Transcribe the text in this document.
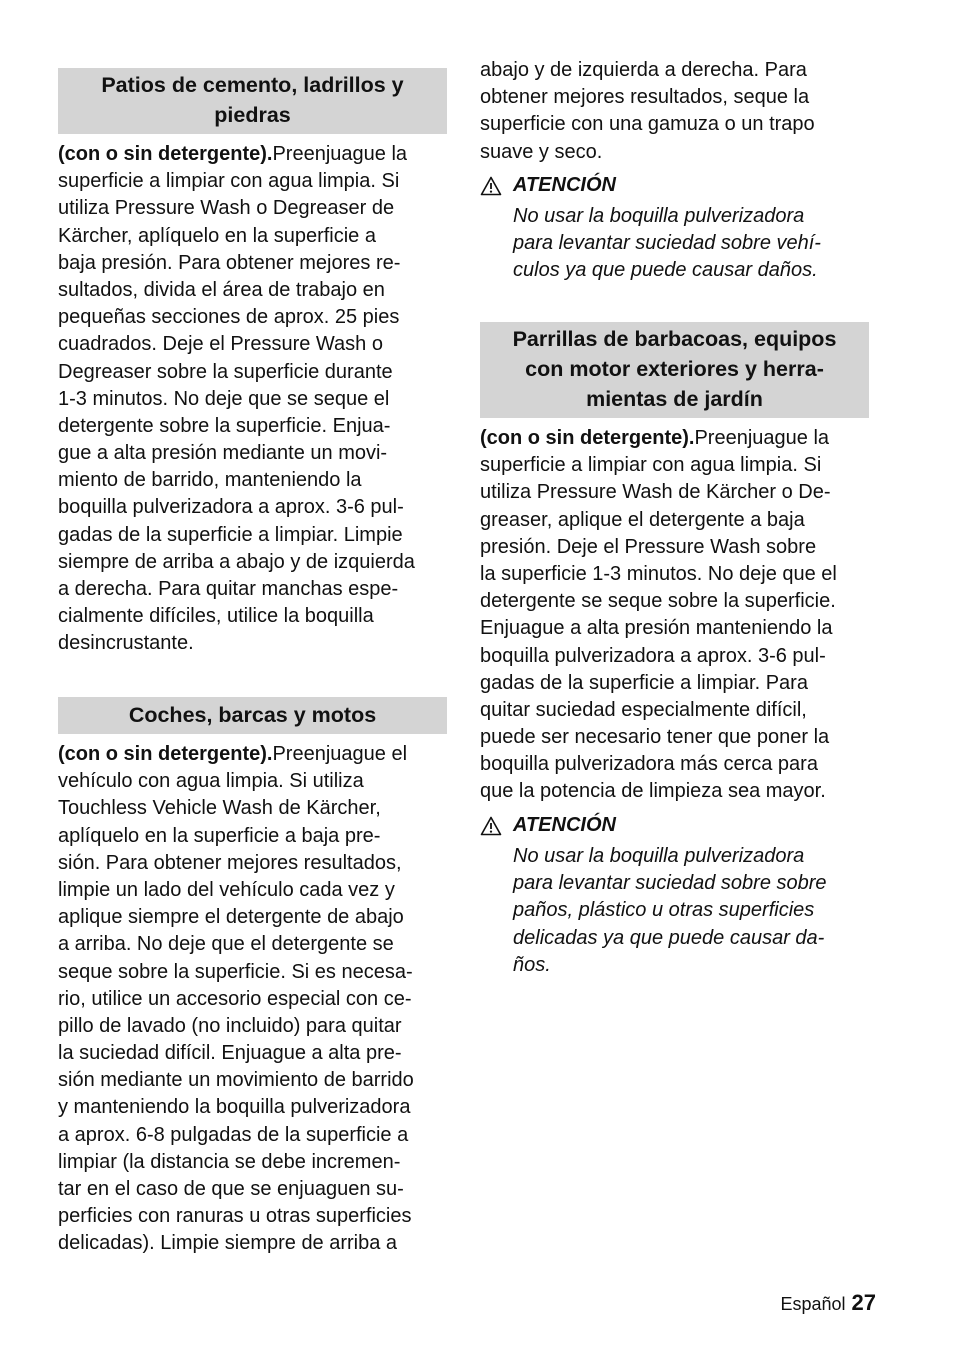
Patios de cemento, ladrillos y
piedras
(con o sin detergente).Preenjuague la
superficie a limpiar con agua limpia. Si
utiliza Pressure Wash o Degreaser de
Kärcher, aplíquelo en la superficie a
baja presión. Para obtener mejores re-
sultados, divida el área de trabajo en
pequeñas secciones de aprox. 25 pies
cuadrados. Deje el Pressure Wash o
Degreaser sobre la superficie durante
1-3 minutos. No deje que se seque el
detergente sobre la superficie. Enjua-
gue a alta presión mediante un movi-
miento de barrido, manteniendo la
boquilla pulverizadora a aprox. 3-6 pul-
gadas de la superficie a limpiar. Limpie
siempre de arriba a abajo y de izquierda
a derecha. Para quitar manchas espe-
cialmente difíciles, utilice la boquilla
desincrustante.
Coches, barcas y motos
(con o sin detergente).Preenjuague el
vehículo con agua limpia. Si utiliza
Touchless Vehicle Wash de Kärcher,
aplíquelo en la superficie a baja pre-
sión. Para obtener mejores resultados,
limpie un lado del vehículo cada vez y
aplique siempre el detergente de abajo
a arriba. No deje que el detergente se
seque sobre la superficie. Si es necesa-
rio, utilice un accesorio especial con ce-
pillo de lavado (no incluido) para quitar
la suciedad difícil. Enjuague a alta pre-
sión mediante un movimiento de barrido
y manteniendo la boquilla pulverizadora
a aprox. 6-8 pulgadas de la superficie a
limpiar (la distancia se debe incremen-
tar en el caso de que se enjuaguen su-
perficies con ranuras u otras superficies
delicadas). Limpie siempre de arriba a
abajo y de izquierda a derecha. Para
obtener mejores resultados, seque la
superficie con una gamuza o un trapo
suave y seco.
ATENCIÓN
No usar la boquilla pulverizadora
para levantar suciedad sobre vehí-
culos ya que puede causar daños.
Parrillas de barbacoas, equipos
con motor exteriores y herra-
mientas de jardín
(con o sin detergente).Preenjuague la
superficie a limpiar con agua limpia. Si
utiliza Pressure Wash de Kärcher o De-
greaser, aplique el detergente a baja
presión. Deje el Pressure Wash sobre
la superficie 1-3 minutos. No deje que el
detergente se seque sobre la superficie.
Enjuague a alta presión manteniendo la
boquilla pulverizadora a aprox. 3-6 pul-
gadas de la superficie a limpiar. Para
quitar suciedad especialmente difícil,
puede ser necesario tener que poner la
boquilla pulverizadora más cerca para
que la potencia de limpieza sea mayor.
ATENCIÓN
No usar la boquilla pulverizadora
para levantar suciedad sobre sobre
paños, plástico u otras superficies
delicadas ya que puede causar da-
ños.
Español 27
